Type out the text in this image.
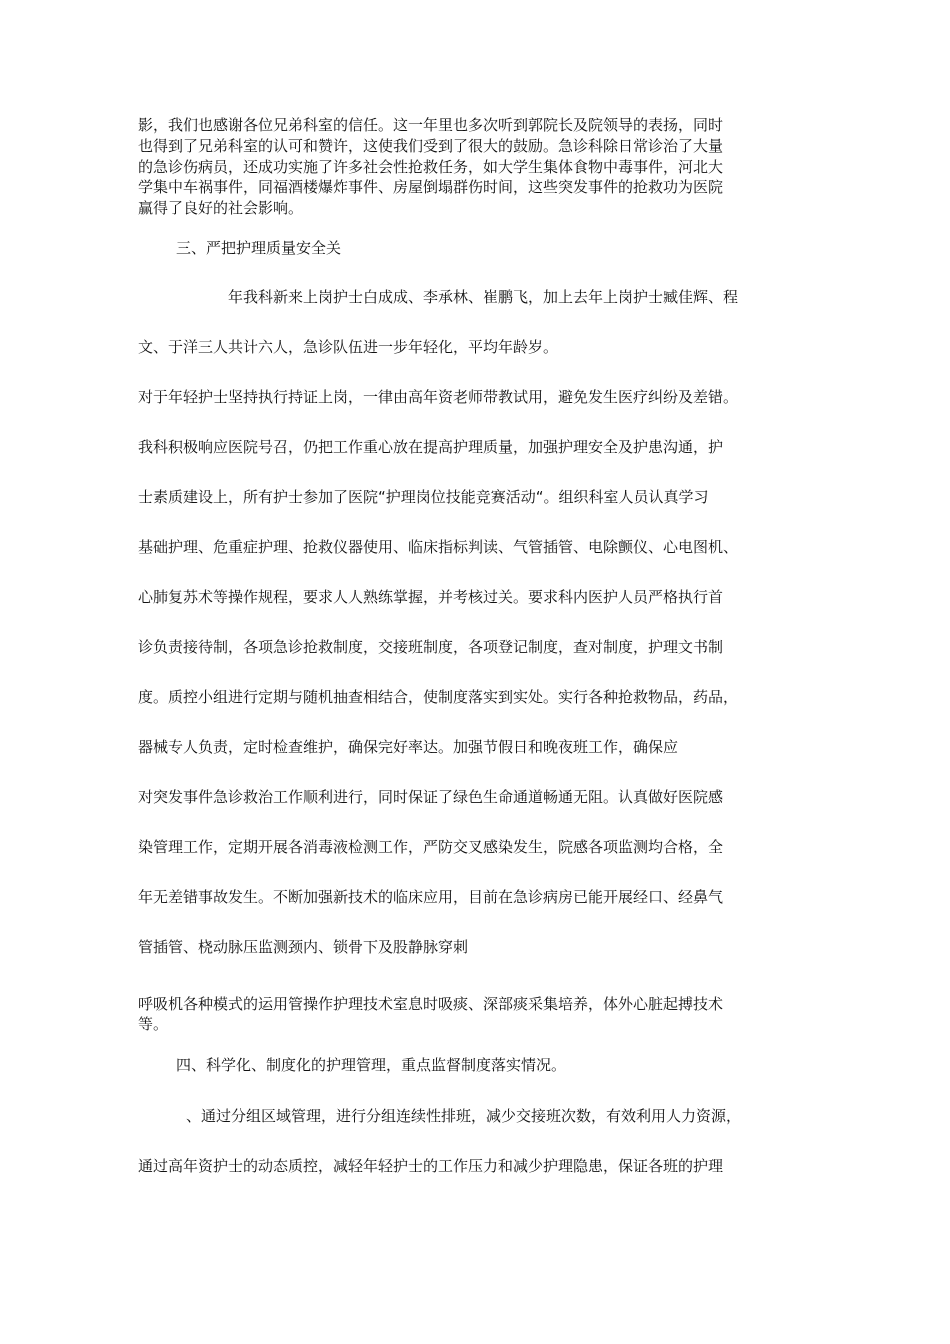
影，我们也感谢各位兄弟科室的信任。这一年里也多次听到郭院长及院领导的表扬，同时

也得到了兄弟科室的认可和赞许，这使我们受到了很大的鼓励。急诊科除日常诊治了大量

的急诊伤病员，还成功实施了许多社会性抢救任务，如大学生集体食物中毒事件，河北大

学集中车祸事件，同福酒楼爆炸事件、房屋倒塌群伤时间，这些突发事件的抢救功为医院

赢得了良好的社会影响。

三、严把护理质量安全关

年我科新来上岗护士白成成、李承林、崔鹏飞，加上去年上岗护士臧佳辉、程

文、于洋三人共计六人，急诊队伍进一步年轻化，平均年龄岁。

对于年轻护士坚持执行持证上岗，一律由高年资老师带教试用，避免发生医疗纠纷及差错。

我科积极响应医院号召，仍把工作重心放在提高护理质量，加强护理安全及护患沟通，护

士素质建设上，所有护士参加了医院“护理岗位技能竞赛活动“。组织科室人员认真学习

基础护理、危重症护理、抢救仪器使用、临床指标判读、气管插管、电除颤仪、心电图机、

心肺复苏术等操作规程，要求人人熟练掌握，并考核过关。要求科内医护人员严格执行首

诊负责接待制，各项急诊抢救制度，交接班制度，各项登记制度，查对制度，护理文书制

度。质控小组进行定期与随机抽查相结合，使制度落实到实处。实行各种抢救物品，药品，

器械专人负责，定时检查维护，确保完好率达。加强节假日和晚夜班工作，确保应

对突发事件急诊救治工作顺利进行，同时保证了绿色生命通道畅通无阻。认真做好医院感

染管理工作，定期开展各消毒液检测工作，严防交叉感染发生，院感各项监测均合格，全

年无差错事故发生。不断加强新技术的临床应用，目前在急诊病房已能开展经口、经鼻气

管插管、桡动脉压监测颈内、锁骨下及股静脉穿刺

呼吸机各种模式的运用管操作护理技术室息时吸痰、深部痰采集培养，体外心脏起搏技术

等。

四、科学化、制度化的护理管理，重点监督制度落实情况。

、通过分组区域管理，进行分组连续性排班，减少交接班次数，有效利用人力资源，

通过高年资护士的动态质控，减轻年轻护士的工作压力和减少护理隐患，保证各班的护理
